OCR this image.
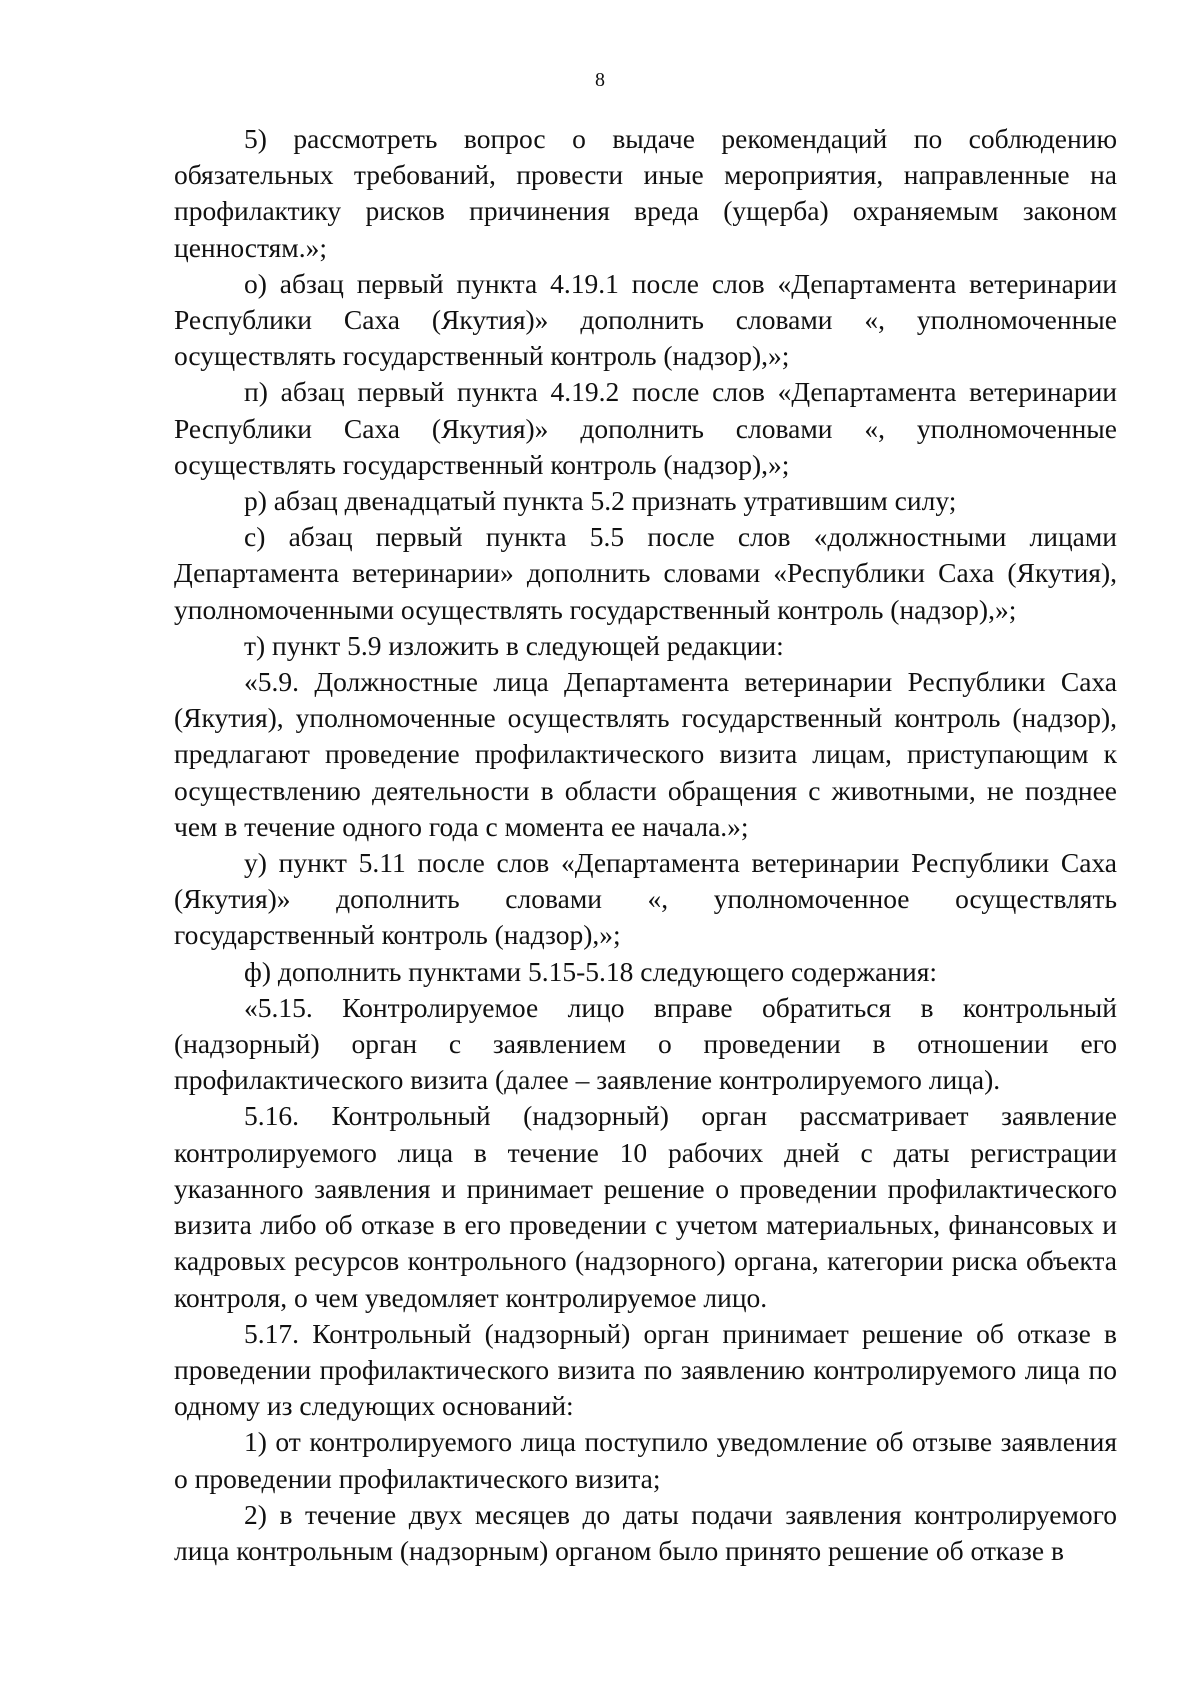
8

5) рассмотреть вопрос о выдаче рекомендаций по соблюдению обязательных требований, провести иные мероприятия, направленные на профилактику рисков причинения вреда (ущерба) охраняемым законом ценностям.»;

о) абзац первый пункта 4.19.1 после слов «Департамента ветеринарии Республики Саха (Якутия)» дополнить словами «, уполномоченные осуществлять государственный контроль (надзор),»;

п) абзац первый пункта 4.19.2 после слов «Департамента ветеринарии Республики Саха (Якутия)» дополнить словами «, уполномоченные осуществлять государственный контроль (надзор),»;

р) абзац двенадцатый пункта 5.2 признать утратившим силу;

с) абзац первый пункта 5.5 после слов «должностными лицами Департамента ветеринарии» дополнить словами «Республики Саха (Якутия), уполномоченными осуществлять государственный контроль (надзор),»;

т) пункт 5.9 изложить в следующей редакции:

«5.9. Должностные лица Департамента ветеринарии Республики Саха (Якутия), уполномоченные осуществлять государственный контроль (надзор), предлагают проведение профилактического визита лицам, приступающим к осуществлению деятельности в области обращения с животными, не позднее чем в течение одного года с момента ее начала.»;

у) пункт 5.11 после слов «Департамента ветеринарии Республики Саха (Якутия)» дополнить словами «, уполномоченное осуществлять государственный контроль (надзор),»;

ф) дополнить пунктами 5.15-5.18 следующего содержания:

«5.15. Контролируемое лицо вправе обратиться в контрольный (надзорный) орган с заявлением о проведении в отношении его профилактического визита (далее – заявление контролируемого лица).

5.16. Контрольный (надзорный) орган рассматривает заявление контролируемого лица в течение 10 рабочих дней с даты регистрации указанного заявления и принимает решение о проведении профилактического визита либо об отказе в его проведении с учетом материальных, финансовых и кадровых ресурсов контрольного (надзорного) органа, категории риска объекта контроля, о чем уведомляет контролируемое лицо.

5.17. Контрольный (надзорный) орган принимает решение об отказе в проведении профилактического визита по заявлению контролируемого лица по одному из следующих оснований:

1) от контролируемого лица поступило уведомление об отзыве заявления о проведении профилактического визита;

2) в течение двух месяцев до даты подачи заявления контролируемого лица контрольным (надзорным) органом было принято решение об отказе в
